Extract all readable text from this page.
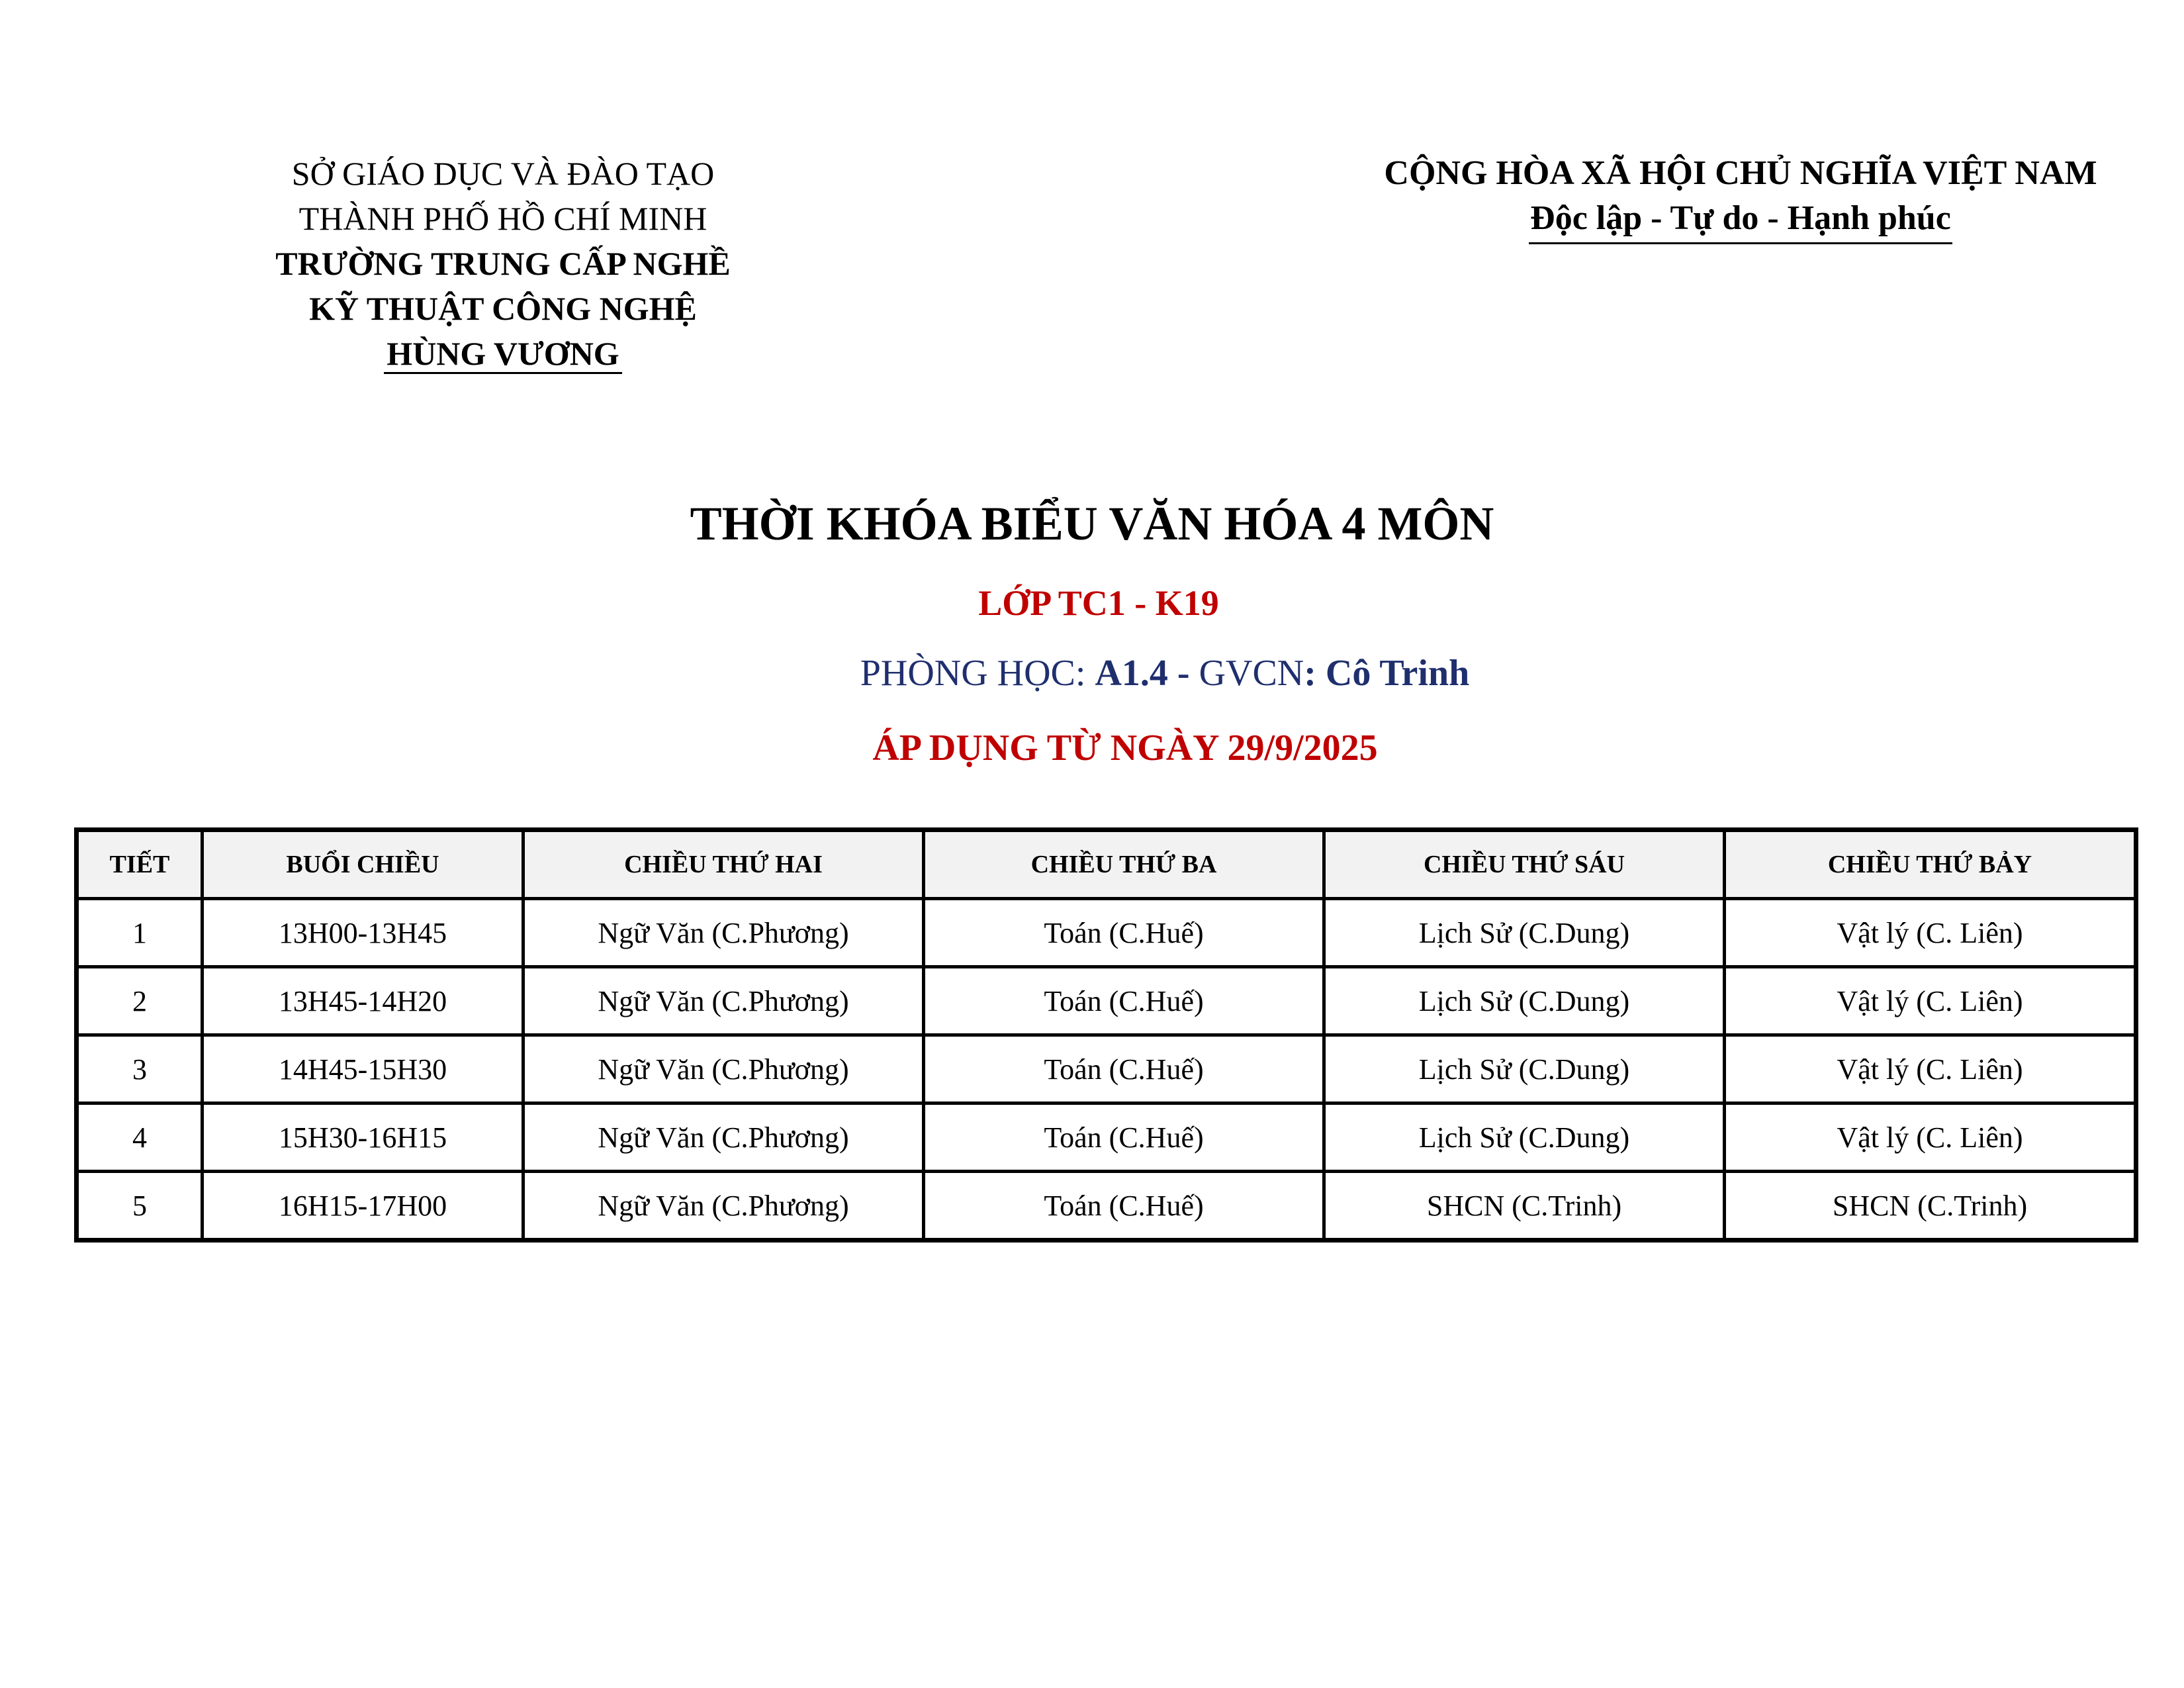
SỞ GIÁO DỤC VÀ ĐÀO TẠO
THÀNH PHỐ HỒ CHÍ MINH
TRƯỜNG TRUNG CẤP NGHỀ
KỸ THUẬT CÔNG NGHỆ
HÙNG VƯƠNG
CỘNG HÒA XÃ HỘI CHỦ NGHĨA VIỆT NAM
Độc lập - Tự do - Hạnh phúc
THỜI KHÓA BIỂU VĂN HÓA 4 MÔN
LỚP TC1 - K19
PHÒNG HỌC: A1.4 - GVCN: Cô Trinh
ÁP DỤNG TỪ NGÀY 29/9/2025
TIẾT	BUỔI CHIỀU	CHIỀU THỨ HAI	CHIỀU THỨ BA	CHIỀU THỨ SÁU	CHIỀU THỨ BẢY
1	13H00-13H45	Ngữ Văn (C.Phương)	Toán (C.Huế)	Lịch Sử (C.Dung)	Vật lý (C. Liên)
2	13H45-14H20	Ngữ Văn (C.Phương)	Toán (C.Huế)	Lịch Sử (C.Dung)	Vật lý (C. Liên)
3	14H45-15H30	Ngữ Văn (C.Phương)	Toán (C.Huế)	Lịch Sử (C.Dung)	Vật lý (C. Liên)
4	15H30-16H15	Ngữ Văn (C.Phương)	Toán (C.Huế)	Lịch Sử (C.Dung)	Vật lý (C. Liên)
5	16H15-17H00	Ngữ Văn (C.Phương)	Toán (C.Huế)	SHCN (C.Trinh)	SHCN (C.Trinh)
